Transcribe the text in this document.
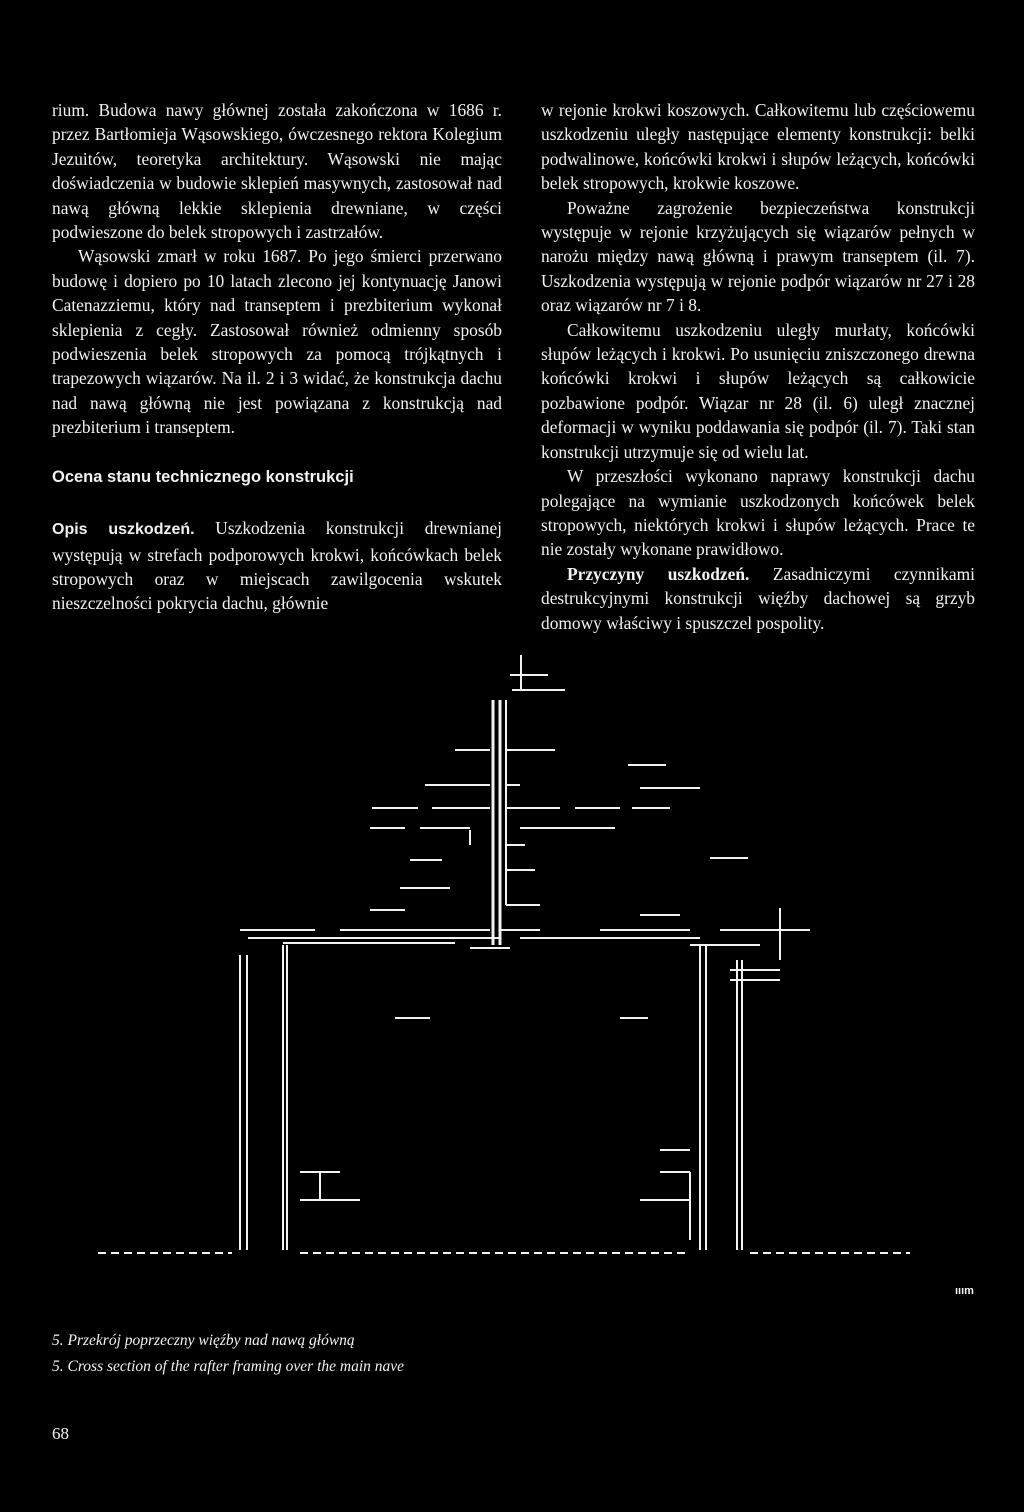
rium. Budowa nawy głównej została zakończona w 1686 r. przez Bartłomieja Wąsowskiego, ówczesnego rektora Kolegium Jezuitów, teoretyka architektury. Wąsowski nie mając doświadczenia w budowie sklepień masywnych, zastosował nad nawą główną lekkie sklepienia drewniane, w części podwieszone do belek stropowych i zastrzałów.

Wąsowski zmarł w roku 1687. Po jego śmierci przerwano budowę i dopiero po 10 latach zlecono jej kontynuację Janowi Catenazziemu, który nad transeptem i prezbiterium wykonał sklepienia z cegły. Zastosował również odmienny sposób podwieszenia belek stropowych za pomocą trójkątnych i trapezowych wiązarów. Na il. 2 i 3 widać, że konstrukcja dachu nad nawą główną nie jest powiązana z konstrukcją nad prezbiterium i transeptem.

Ocena stanu technicznego konstrukcji

Opis uszkodzeń. Uszkodzenia konstrukcji drewnianej występują w strefach podporowych krokwi, końcówkach belek stropowych oraz w miejscach zawilgocenia wskutek nieszczelności pokrycia dachu, głównie

w rejonie krokwi koszowych. Całkowitemu lub częściowemu uszkodzeniu uległy następujące elementy konstrukcji: belki podwalinowe, końcówki krokwi i słupów leżących, końcówki belek stropowych, krokwie koszowe.

Poważne zagrożenie bezpieczeństwa konstrukcji występuje w rejonie krzyżujących się wiązarów pełnych w narożu między nawą główną i prawym transeptem (il. 7). Uszkodzenia występują w rejonie podpór wiązarów nr 27 i 28 oraz wiązarów nr 7 i 8.

Całkowitemu uszkodzeniu uległy murłaty, końcówki słupów leżących i krokwi. Po usunięciu zniszczonego drewna końcówki krokwi i słupów leżących są całkowicie pozbawione podpór. Wiązar nr 28 (il. 6) uległ znacznej deformacji w wyniku poddawania się podpór (il. 7). Taki stan konstrukcji utrzymuje się od wielu lat.

W przeszłości wykonano naprawy konstrukcji dachu polegające na wymianie uszkodzonych końcówek belek stropowych, niektórych krokwi i słupów leżących. Prace te nie zostały wykonane prawidłowo.

Przyczyny uszkodzeń. Zasadniczymi czynnikami destrukcyjnymi konstrukcji więźby dachowej są grzyb domowy właściwy i spuszczel pospolity.

ııım
5. Przekrój poprzeczny więźby nad nawą główną
5. Cross section of the rafter framing over the main nave
68
